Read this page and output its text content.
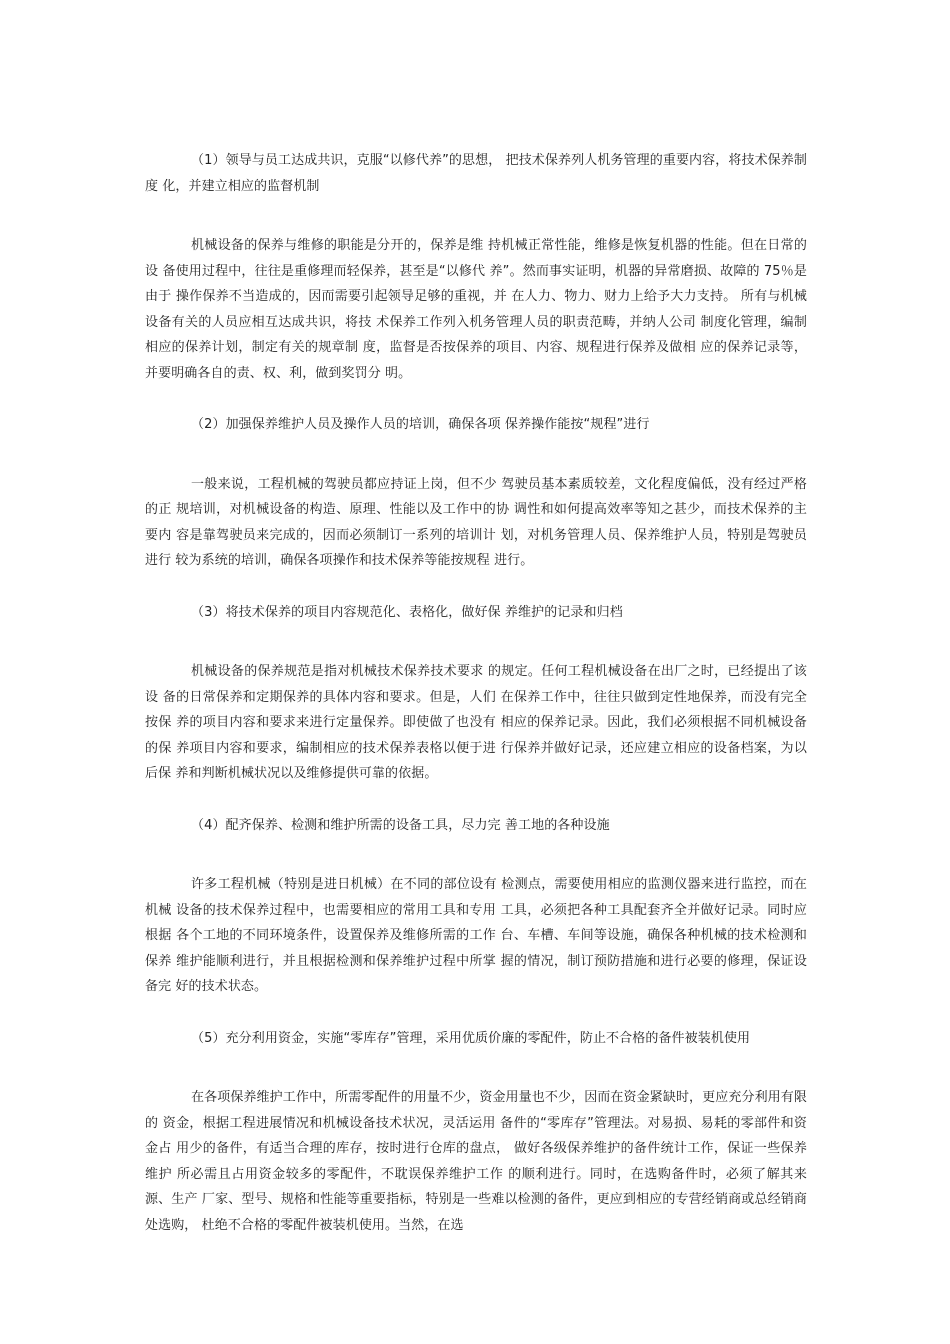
（1）领导与员工达成共识，克服“以修代养”的思想， 把技术保养列人机务管理的重要内容，将技术保养制度 化，并建立相应的监督机制

机械设备的保养与维修的职能是分开的，保养是维 持机械正常性能，维修是恢复机器的性能。但在日常的设 备使用过程中，往往是重修理而轻保养，甚至是“以修代 养”。然而事实证明，机器的异常磨损、故障的 75％是由于 操作保养不当造成的，因而需要引起领导足够的重视，并 在人力、物力、财力上给予大力支持。 所有与机械设备有关的人员应相互达成共识，将技 术保养工作列入机务管理人员的职责范畴，并纳人公司 制度化管理，编制相应的保养计划，制定有关的规章制 度，监督是否按保养的项目、内容、规程进行保养及做相 应的保养记录等，并要明确各自的责、权、利，做到奖罚分 明。

（2）加强保养维护人员及操作人员的培训，确保各项 保养操作能按“规程”进行

一般来说，工程机械的驾驶员都应持证上岗，但不少 驾驶员基本素质较差，文化程度偏低，没有经过严格的正 规培训，对机械设备的构造、原理、性能以及工作中的协 调性和如何提高效率等知之甚少，而技术保养的主要内 容是靠驾驶员来完成的，因而必须制订一系列的培训计 划，对机务管理人员、保养维护人员，特别是驾驶员进行 较为系统的培训，确保各项操作和技术保养等能按规程 进行。

（3）将技术保养的项目内容规范化、表格化，做好保 养维护的记录和归档

机械设备的保养规范是指对机械技术保养技术要求 的规定。任何工程机械设备在出厂之时，已经提出了该设 备的日常保养和定期保养的具体内容和要求。但是，人们 在保养工作中，往往只做到定性地保养，而没有完全按保 养的项目内容和要求来进行定量保养。即使做了也没有 相应的保养记录。因此，我们必须根据不同机械设备的保 养项目内容和要求，编制相应的技术保养表格以便于进 行保养并做好记录，还应建立相应的设备档案，为以后保 养和判断机械状况以及维修提供可靠的依据。

（4）配齐保养、检测和维护所需的设备工具，尽力完 善工地的各种设施

许多工程机械（特别是进日机械）在不同的部位设有 检测点，需要使用相应的监测仪器来进行监控，而在机械 设备的技术保养过程中，也需要相应的常用工具和专用 工具，必须把各种工具配套齐全并做好记录。同时应根据 各个工地的不同环境条件，设置保养及维修所需的工作 台、车槽、车间等设施，确保各种机械的技术检测和保养 维护能顺利进行，并且根据检测和保养维护过程中所掌 握的情况，制订预防措施和进行必要的修理，保证设备完 好的技术状态。

（5）充分利用资金，实施“零库存”管理，采用优质价廉的零配件，防止不合格的备件被装机使用

在各项保养维护工作中，所需零配件的用量不少，资金用量也不少，因而在资金紧缺时，更应充分利用有限的 资金，根据工程进展情况和机械设备技术状况，灵活运用 备件的“零库存”管理法。对易损、易耗的零部件和资金占 用少的备件，有适当合理的库存，按时进行仓库的盘点， 做好各级保养维护的备件统计工作，保证一些保养维护 所必需且占用资金较多的零配件，不耽误保养维护工作 的顺利进行。同时，在选购备件时，必须了解其来源、生产 厂家、型号、规格和性能等重要指标，特别是一些难以检测的备件，更应到相应的专营经销商或总经销商处选购， 杜绝不合格的零配件被装机使用。当然，在选
